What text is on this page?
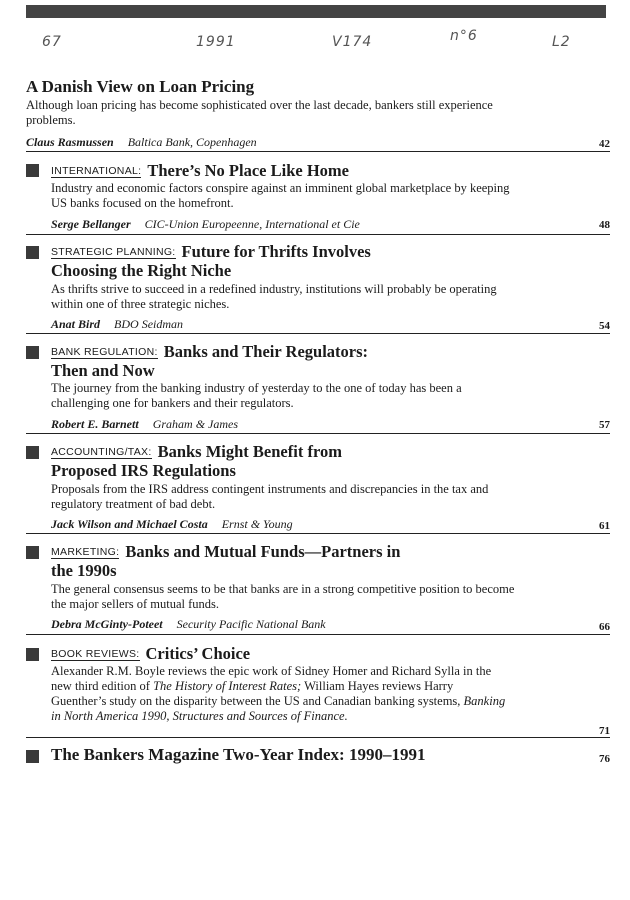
67	1991	V174	n°6	L2
A Danish View on Loan Pricing
Although loan pricing has become sophisticated over the last decade, bankers still experience problems.
Claus Rasmussen Baltica Bank, Copenhagen	42
INTERNATIONAL: There’s No Place Like Home
Industry and economic factors conspire against an imminent global marketplace by keeping US banks focused on the homefront.
Serge Bellanger CIC-Union Europeenne, International et Cie	48
STRATEGIC PLANNING: Future for Thrifts Involves
Choosing the Right Niche
As thrifts strive to succeed in a redefined industry, institutions will probably be operating within one of three strategic niches.
Anat Bird BDO Seidman	54
BANK REGULATION: Banks and Their Regulators:
Then and Now
The journey from the banking industry of yesterday to the one of today has been a challenging one for bankers and their regulators.
Robert E. Barnett Graham & James	57
ACCOUNTING/TAX: Banks Might Benefit from
Proposed IRS Regulations
Proposals from the IRS address contingent instruments and discrepancies in the tax and regulatory treatment of bad debt.
Jack Wilson and Michael Costa Ernst & Young	61
MARKETING: Banks and Mutual Funds—Partners in
the 1990s
The general consensus seems to be that banks are in a strong competitive position to become the major sellers of mutual funds.
Debra McGinty-Poteet Security Pacific National Bank	66
BOOK REVIEWS: Critics’ Choice
Alexander R.M. Boyle reviews the epic work of Sidney Homer and Richard Sylla in the new third edition of The History of Interest Rates; William Hayes reviews Harry Guenther’s study on the disparity between the US and Canadian banking systems, Banking in North America 1990, Structures and Sources of Finance.
71
The Bankers Magazine Two-Year Index: 1990–1991	76
